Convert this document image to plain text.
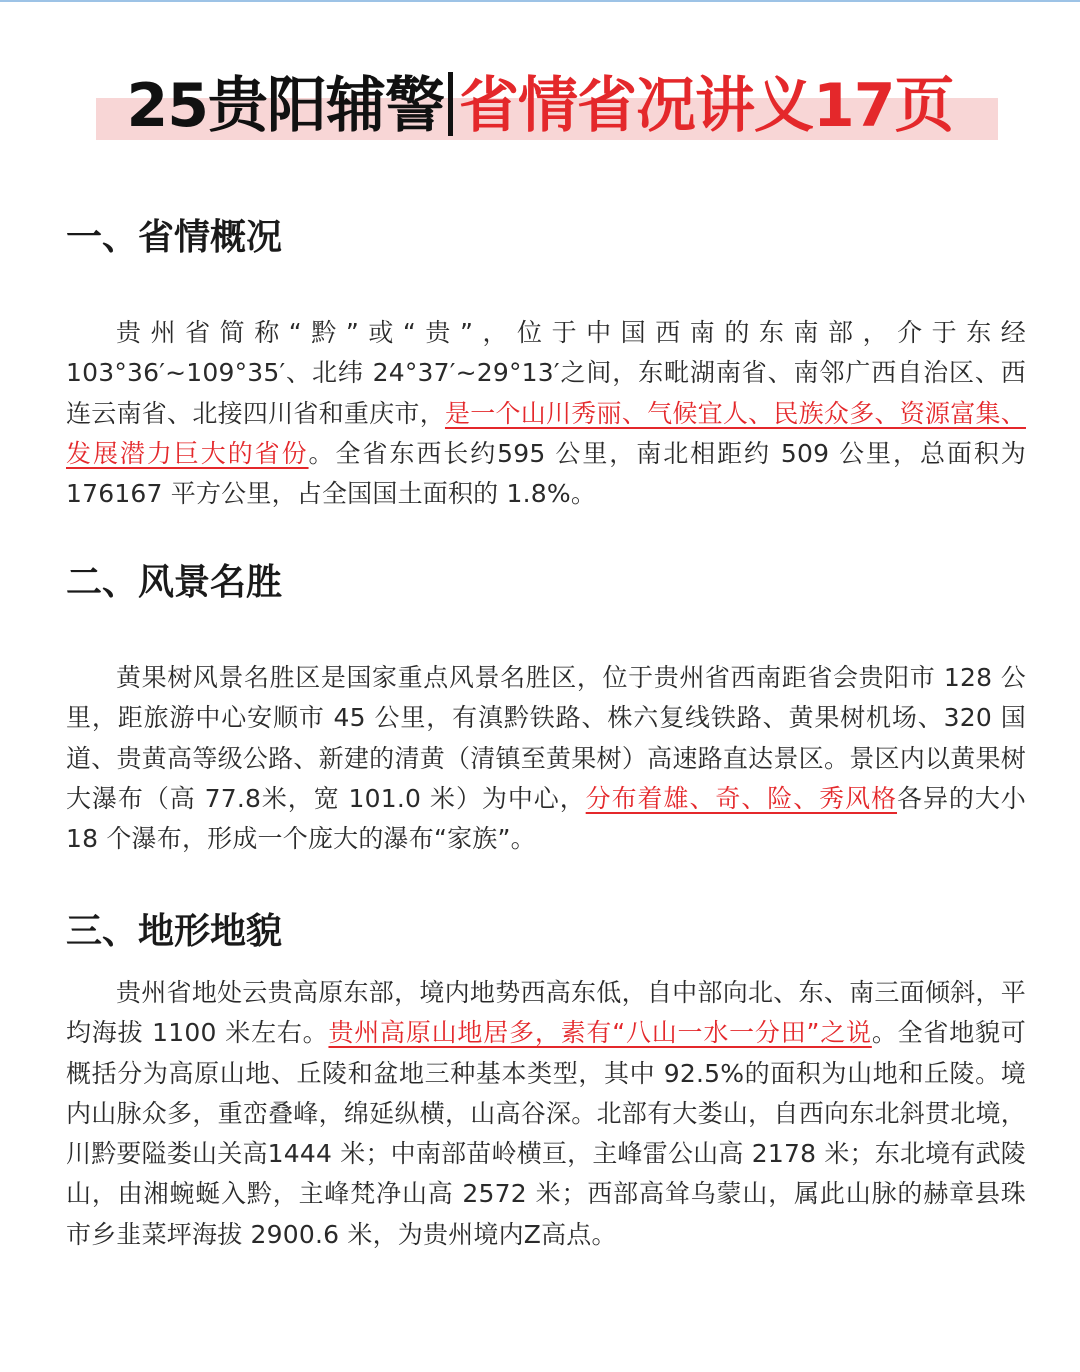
25贵阳辅警 省情省况讲义17页
一、省情概况

贵州省简称“黔”或“贵”，位于中国西南的东南部，介于东经 103°36′~109°35′、北纬 24°37′~29°13′之间，东毗湖南省、南邻广西自治区、西连云南省、北接四川省和重庆市，是一个山川秀丽、气候宜人、民族众多、资源富集、发展潜力巨大的省份。全省东西长约595 公里，南北相距约 509 公里，总面积为 176167 平方公里，占全国国土面积的 1.8%。

二、风景名胜

黄果树风景名胜区是国家重点风景名胜区，位于贵州省西南距省会贵阳市 128 公里，距旅游中心安顺市 45 公里，有滇黔铁路、株六复线铁路、黄果树机场、320 国道、贵黄高等级公路、新建的清黄（清镇至黄果树）高速路直达景区。景区内以黄果树大瀑布（高 77.8米，宽 101.0 米）为中心，分布着雄、奇、险、秀风格各异的大小 18 个瀑布，形成一个庞大的瀑布“家族”。

三、地形地貌

贵州省地处云贵高原东部，境内地势西高东低，自中部向北、东、南三面倾斜，平均海拔 1100 米左右。贵州高原山地居多，素有“八山一水一分田”之说。全省地貌可概括分为高原山地、丘陵和盆地三种基本类型，其中 92.5%的面积为山地和丘陵。境内山脉众多，重峦叠峰，绵延纵横，山高谷深。北部有大娄山，自西向东北斜贯北境，川黔要隘娄山关高1444 米；中南部苗岭横亘，主峰雷公山高 2178 米；东北境有武陵山，由湘蜿蜒入黔，主峰梵净山高 2572 米；西部高耸乌蒙山，属此山脉的赫章县珠市乡韭菜坪海拔 2900.6 米，为贵州境内Z高点。
